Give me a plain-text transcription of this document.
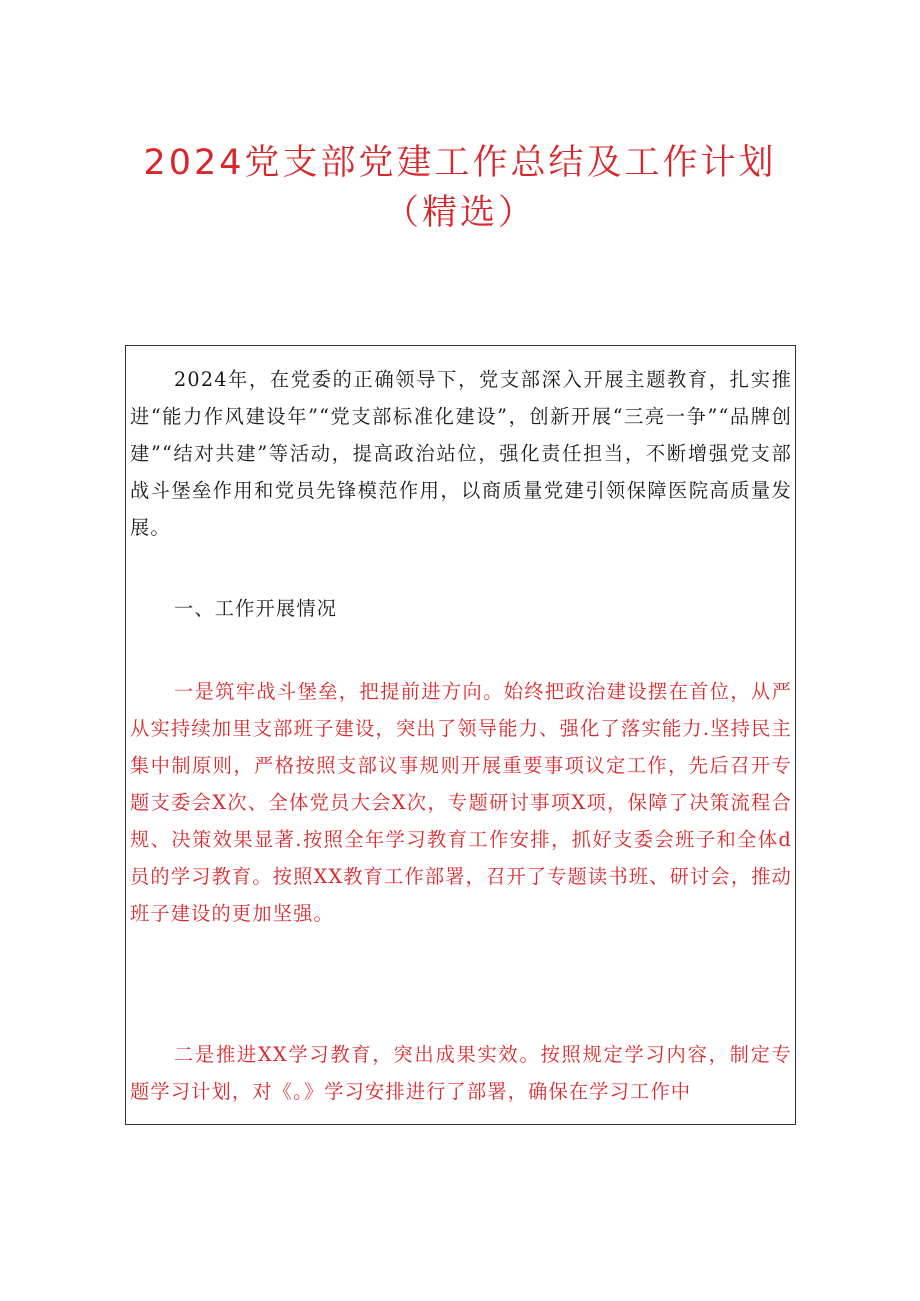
2024党支部党建工作总结及工作计划
（精选）

2024年，在党委的正确领导下，党支部深入开展主题教育，扎实推进“能力作风建设年”“党支部标准化建设”，创新开展“三亮一争”“品牌创建”“结对共建”等活动，提高政治站位，强化责任担当，不断增强党支部战斗堡垒作用和党员先锋模范作用，以商质量党建引领保障医院高质量发展。

一、工作开展情况

一是筑牢战斗堡垒，把提前进方向。始终把政治建设摆在首位，从严从实持续加里支部班子建设，突出了领导能力、强化了落实能力.坚持民主集中制原则，严格按照支部议事规则开展重要事项议定工作，先后召开专题支委会X次、全体党员大会X次，专题研讨事项X项，保障了决策流程合规、决策效果显著.按照全年学习教育工作安排，抓好支委会班子和全体d员的学习教育。按照XX教育工作部署，召开了专题读书班、研讨会，推动班子建设的更加坚强。

二是推进XX学习教育，突出成果实效。按照规定学习内容，制定专题学习计划，对《。》学习安排进行了部署，确保在学习工作中
